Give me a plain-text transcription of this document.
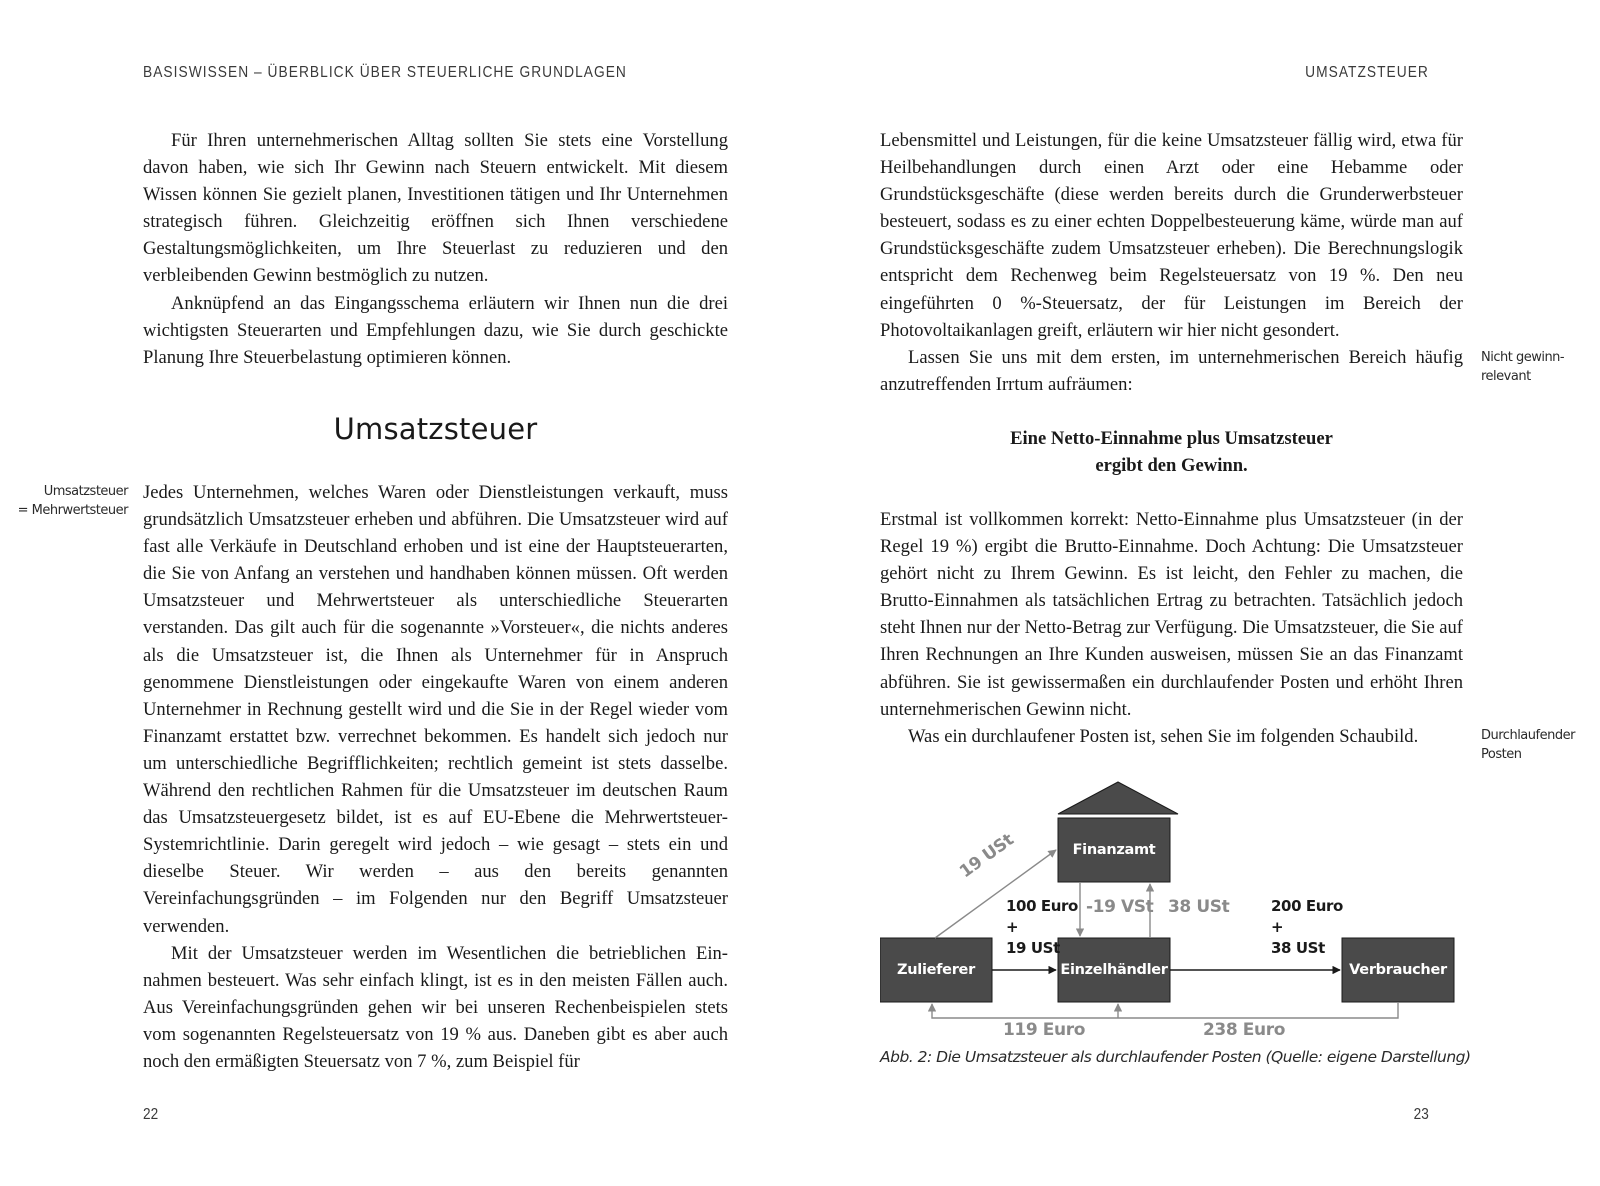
BASISWISSEN – ÜBERBLICK ÜBER STEUERLICHE GRUNDLAGEN

Für Ihren unternehmerischen Alltag sollten Sie stets eine Vorstellung davon haben, wie sich Ihr Gewinn nach Steuern entwickelt. Mit diesem Wissen können Sie gezielt planen, Investitionen tätigen und Ihr Unternehmen strategisch führen. Gleichzeitig eröffnen sich Ihnen verschiedene Gestaltungsmöglichkeiten, um Ihre Steuerlast zu reduzieren und den verbleibenden Gewinn bestmöglich zu nutzen.

Anknüpfend an das Eingangsschema erläutern wir Ihnen nun die drei wichtigsten Steuerarten und Empfehlungen dazu, wie Sie durch geschickte Planung Ihre Steuerbelastung optimieren können.

Umsatzsteuer
Umsatzsteuer
= Mehrwertsteuer

Jedes Unternehmen, welches Waren oder Dienstleistungen verkauft, muss grundsätzlich Umsatzsteuer erheben und abführen. Die Umsatzsteuer wird auf fast alle Verkäufe in Deutschland erhoben und ist eine der Hauptsteuerarten, die Sie von Anfang an verstehen und handhaben können müssen. Oft werden Umsatzsteuer und Mehrwertsteuer als unterschiedliche Steuerarten verstanden. Das gilt auch für die sogenannte »Vorsteuer«, die nichts anderes als die Umsatzsteuer ist, die Ihnen als Unternehmer für in Anspruch genommene Dienstleistungen oder eingekaufte Waren von einem anderen Unternehmer in Rechnung gestellt wird und die Sie in der Regel wieder vom Finanzamt erstattet bzw. verrechnet bekommen. Es handelt sich jedoch nur um unterschiedliche Begrifflichkeiten; rechtlich gemeint ist stets dasselbe. Während den rechtlichen Rahmen für die Umsatzsteuer im deutschen Raum das Umsatzsteuergesetz bildet, ist es auf EU-Ebene die Mehrwertsteuer-Systemrichtlinie. Darin geregelt wird jedoch – wie gesagt – stets ein und dieselbe Steuer. Wir werden – aus den bereits genannten Vereinfachungsgründen – im Folgenden nur den Begriff Umsatzsteuer verwenden.

Mit der Umsatzsteuer werden im Wesentlichen die betrieblichen Einnahmen besteuert. Was sehr einfach klingt, ist es in den meisten Fällen auch. Aus Vereinfachungsgründen gehen wir bei unseren Rechenbeispielen stets vom sogenannten Regelsteuersatz von 19 % aus. Daneben gibt es aber auch noch den ermäßigten Steuersatz von 7 %, zum Beispiel für

22
UMSATZSTEUER

Lebensmittel und Leistungen, für die keine Umsatzsteuer fällig wird, etwa für Heilbehandlungen durch einen Arzt oder eine Hebamme oder Grundstücksgeschäfte (diese werden bereits durch die Grunderwerbsteuer besteuert, sodass es zu einer echten Doppelbesteuerung käme, würde man auf Grundstücksgeschäfte zudem Umsatzsteuer erheben). Die Berechnungslogik entspricht dem Rechenweg beim Regelsteuersatz von 19 %. Den neu eingeführten 0 %-Steuersatz, der für Leistungen im Bereich der Photovoltaikanlagen greift, erläutern wir hier nicht gesondert.

Lassen Sie uns mit dem ersten, im unternehmerischen Bereich häufig anzutreffenden Irrtum aufräumen:

Nicht gewinn-
relevant
Eine Netto-Einnahme plus Umsatzsteuer
ergibt den Gewinn.

Erstmal ist vollkommen korrekt: Netto-Einnahme plus Umsatzsteuer (in der Regel 19 %) ergibt die Brutto-Einnahme. Doch Achtung: Die Umsatzsteuer gehört nicht zu Ihrem Gewinn. Es ist leicht, den Fehler zu machen, die Brutto-Einnahmen als tatsächlichen Ertrag zu betrachten. Tatsächlich jedoch steht Ihnen nur der Netto-Betrag zur Verfügung. Die Umsatzsteuer, die Sie auf Ihren Rechnungen an Ihre Kunden ausweisen, müssen Sie an das Finanzamt abführen. Sie ist gewissermaßen ein durchlaufender Posten und erhöht Ihren unternehmerischen Gewinn nicht.

Was ein durchlaufener Posten ist, sehen Sie im folgenden Schaubild.	Durchlaufender
Posten
Finanzamt
Zulieferer	Einzelhändler	Verbraucher
19 USt
100 Euro
+
19 USt
-19 VSt 38 USt	200 Euro
+
38 USt
119 Euro	238 Euro
Abb. 2: Die Umsatzsteuer als durchlaufender Posten (Quelle: eigene Darstellung)
23
